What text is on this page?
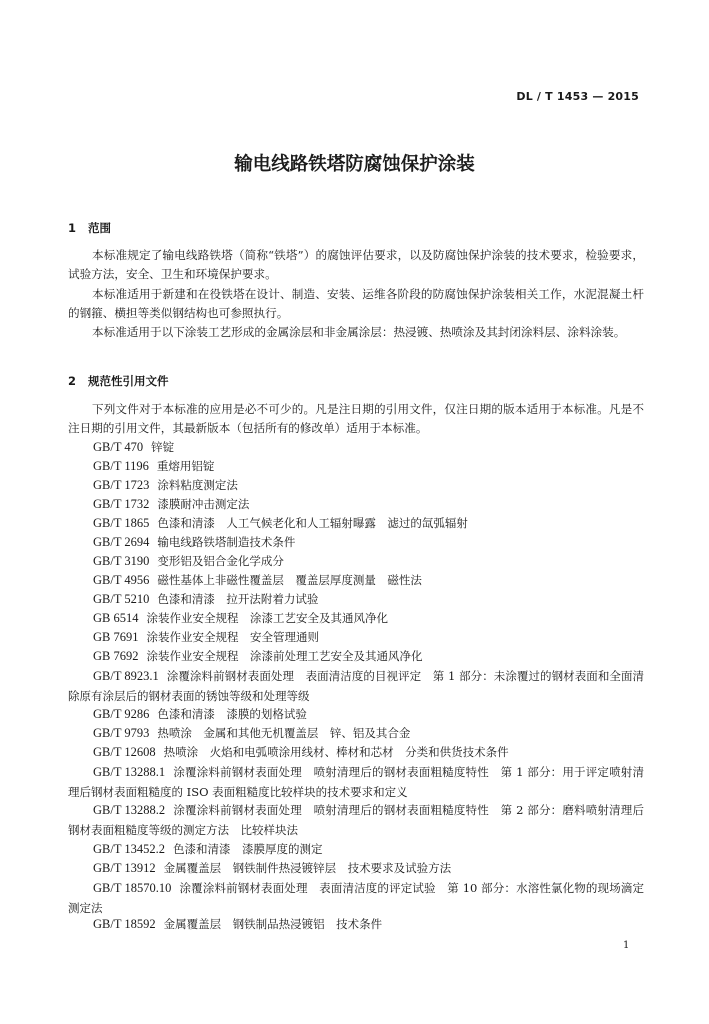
DL / T 1453 — 2015
输电线路铁塔防腐蚀保护涂装
1 范围
本标准规定了输电线路铁塔（简称“铁塔”）的腐蚀评估要求，以及防腐蚀保护涂装的技术要求，检验要求，试验方法，安全、卫生和环境保护要求。
本标准适用于新建和在役铁塔在设计、制造、安装、运维各阶段的防腐蚀保护涂装相关工作，水泥混凝土杆的钢箍、横担等类似钢结构也可参照执行。
本标准适用于以下涂装工艺形成的金属涂层和非金属涂层：热浸镀、热喷涂及其封闭涂料层、涂料涂装。
2 规范性引用文件
下列文件对于本标准的应用是必不可少的。凡是注日期的引用文件，仅注日期的版本适用于本标准。凡是不注日期的引用文件，其最新版本（包括所有的修改单）适用于本标准。
GB/T 470 锌锭
GB/T 1196 重熔用铝锭
GB/T 1723 涂料粘度测定法
GB/T 1732 漆膜耐冲击测定法
GB/T 1865 色漆和清漆　人工气候老化和人工辐射曝露　滤过的氙弧辐射
GB/T 2694 输电线路铁塔制造技术条件
GB/T 3190 变形铝及铝合金化学成分
GB/T 4956 磁性基体上非磁性覆盖层　覆盖层厚度测量　磁性法
GB/T 5210 色漆和清漆　拉开法附着力试验
GB 6514 涂装作业安全规程　涂漆工艺安全及其通风净化
GB 7691 涂装作业安全规程　安全管理通则
GB 7692 涂装作业安全规程　涂漆前处理工艺安全及其通风净化
GB/T 8923.1 涂覆涂料前钢材表面处理　表面清洁度的目视评定　第 1 部分：未涂覆过的钢材表面和全面清除原有涂层后的钢材表面的锈蚀等级和处理等级
GB/T 9286 色漆和清漆　漆膜的划格试验
GB/T 9793 热喷涂　金属和其他无机覆盖层　锌、铝及其合金
GB/T 12608 热喷涂　火焰和电弧喷涂用线材、棒材和芯材　分类和供货技术条件
GB/T 13288.1 涂覆涂料前钢材表面处理　喷射清理后的钢材表面粗糙度特性　第 1 部分：用于评定喷射清理后钢材表面粗糙度的 ISO 表面粗糙度比较样块的技术要求和定义
GB/T 13288.2 涂覆涂料前钢材表面处理　喷射清理后的钢材表面粗糙度特性　第 2 部分：磨料喷射清理后钢材表面粗糙度等级的测定方法　比较样块法
GB/T 13452.2 色漆和清漆　漆膜厚度的测定
GB/T 13912 金属覆盖层　钢铁制件热浸镀锌层　技术要求及试验方法
GB/T 18570.10 涂覆涂料前钢材表面处理　表面清洁度的评定试验　第 10 部分：水溶性氯化物的现场滴定测定法
GB/T 18592 金属覆盖层　钢铁制品热浸镀铝　技术条件
1
